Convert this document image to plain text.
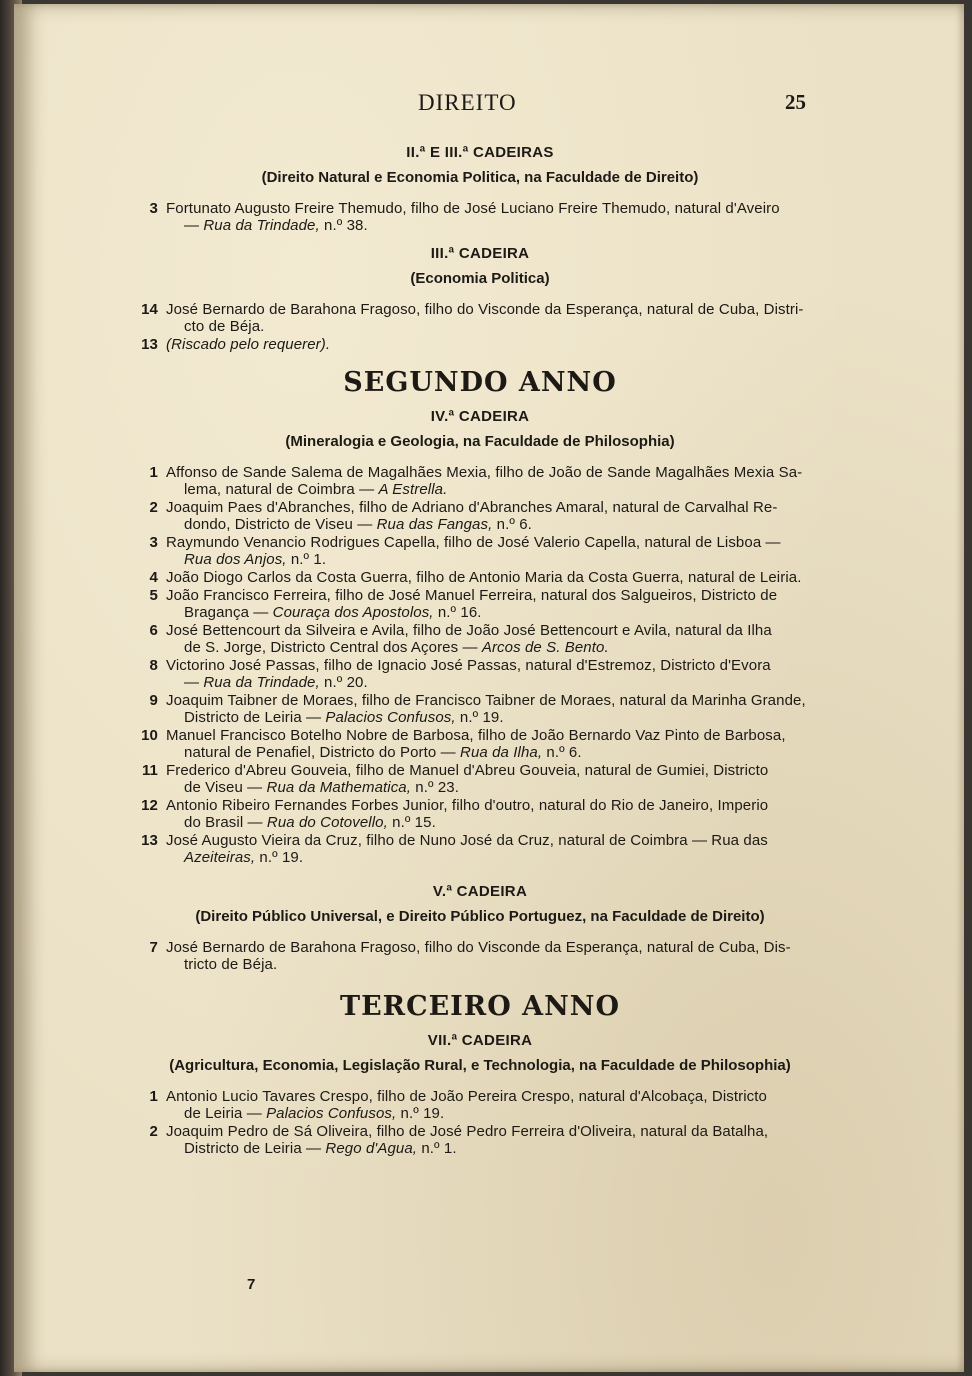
DIREITO	25
II.ª E III.ª CADEIRAS
(Direito Natural e Economia Politica, na Faculdade de Direito)
3 Fortunato Augusto Freire Themudo, filho de José Luciano Freire Themudo, natural d'Aveiro
— Rua da Trindade, n.º 38.
III.ª CADEIRA
(Economia Politica)
14 José Bernardo de Barahona Fragoso, filho do Visconde da Esperança, natural de Cuba, Distri-
cto de Béja.
13 (Riscado pelo requerer).
SEGUNDO ANNO
IV.ª CADEIRA
(Mineralogia e Geologia, na Faculdade de Philosophia)
1 Affonso de Sande Salema de Magalhães Mexia, filho de João de Sande Magalhães Mexia Sa-
lema, natural de Coimbra — A Estrella.
2 Joaquim Paes d'Abranches, filho de Adriano d'Abranches Amaral, natural de Carvalhal Re-
dondo, Districto de Viseu — Rua das Fangas, n.º 6.
3 Raymundo Venancio Rodrigues Capella, filho de José Valerio Capella, natural de Lisboa —
Rua dos Anjos, n.º 1.
4 João Diogo Carlos da Costa Guerra, filho de Antonio Maria da Costa Guerra, natural de Leiria.
5 João Francisco Ferreira, filho de José Manuel Ferreira, natural dos Salgueiros, Districto de
Bragança — Couraça dos Apostolos, n.º 16.
6 José Bettencourt da Silveira e Avila, filho de João José Bettencourt e Avila, natural da Ilha
de S. Jorge, Districto Central dos Açores — Arcos de S. Bento.
8 Victorino José Passas, filho de Ignacio José Passas, natural d'Estremoz, Districto d'Evora
— Rua da Trindade, n.º 20.
9 Joaquim Taibner de Moraes, filho de Francisco Taibner de Moraes, natural da Marinha Grande,
Districto de Leiria — Palacios Confusos, n.º 19.
10 Manuel Francisco Botelho Nobre de Barbosa, filho de João Bernardo Vaz Pinto de Barbosa,
natural de Penafiel, Districto do Porto — Rua da Ilha, n.º 6.
11 Frederico d'Abreu Gouveia, filho de Manuel d'Abreu Gouveia, natural de Gumiei, Districto
de Viseu — Rua da Mathematica, n.º 23.
12 Antonio Ribeiro Fernandes Forbes Junior, filho d'outro, natural do Rio de Janeiro, Imperio
do Brasil — Rua do Cotovello, n.º 15.
13 José Augusto Vieira da Cruz, filho de Nuno José da Cruz, natural de Coimbra — Rua das
Azeiteiras, n.º 19.
V.ª CADEIRA
(Direito Público Universal, e Direito Público Portuguez, na Faculdade de Direito)
7 José Bernardo de Barahona Fragoso, filho do Visconde da Esperança, natural de Cuba, Dis-
tricto de Béja.
TERCEIRO ANNO
VII.ª CADEIRA
(Agricultura, Economia, Legislação Rural, e Technologia, na Faculdade de Philosophia)
1 Antonio Lucio Tavares Crespo, filho de João Pereira Crespo, natural d'Alcobaça, Districto
de Leiria — Palacios Confusos, n.º 19.
2 Joaquim Pedro de Sá Oliveira, filho de José Pedro Ferreira d'Oliveira, natural da Batalha,
Districto de Leiria — Rego d'Agua, n.º 1.
7
